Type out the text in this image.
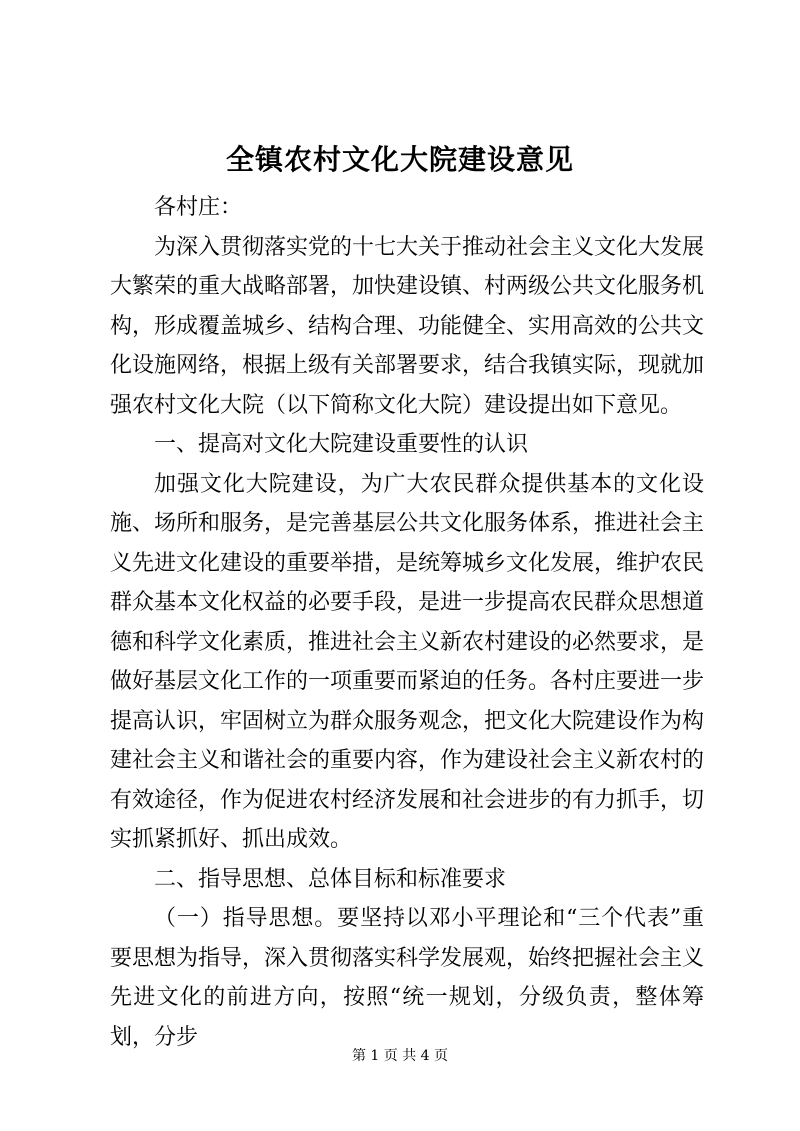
全镇农村文化大院建设意见

各村庄：

为深入贯彻落实党的十七大关于推动社会主义文化大发展大繁荣的重大战略部署，加快建设镇、村两级公共文化服务机构，形成覆盖城乡、结构合理、功能健全、实用高效的公共文化设施网络，根据上级有关部署要求，结合我镇实际，现就加强农村文化大院（以下简称文化大院）建设提出如下意见。

一、提高对文化大院建设重要性的认识

加强文化大院建设，为广大农民群众提供基本的文化设施、场所和服务，是完善基层公共文化服务体系，推进社会主义先进文化建设的重要举措，是统筹城乡文化发展，维护农民群众基本文化权益的必要手段，是进一步提高农民群众思想道德和科学文化素质，推进社会主义新农村建设的必然要求，是做好基层文化工作的一项重要而紧迫的任务。各村庄要进一步提高认识，牢固树立为群众服务观念，把文化大院建设作为构建社会主义和谐社会的重要内容，作为建设社会主义新农村的有效途径，作为促进农村经济发展和社会进步的有力抓手，切实抓紧抓好、抓出成效。

二、指导思想、总体目标和标准要求

（一）指导思想。要坚持以邓小平理论和“三个代表”重要思想为指导，深入贯彻落实科学发展观，始终把握社会主义先进文化的前进方向，按照“统一规划，分级负责，整体筹划，分步

第 1 页 共 4 页
